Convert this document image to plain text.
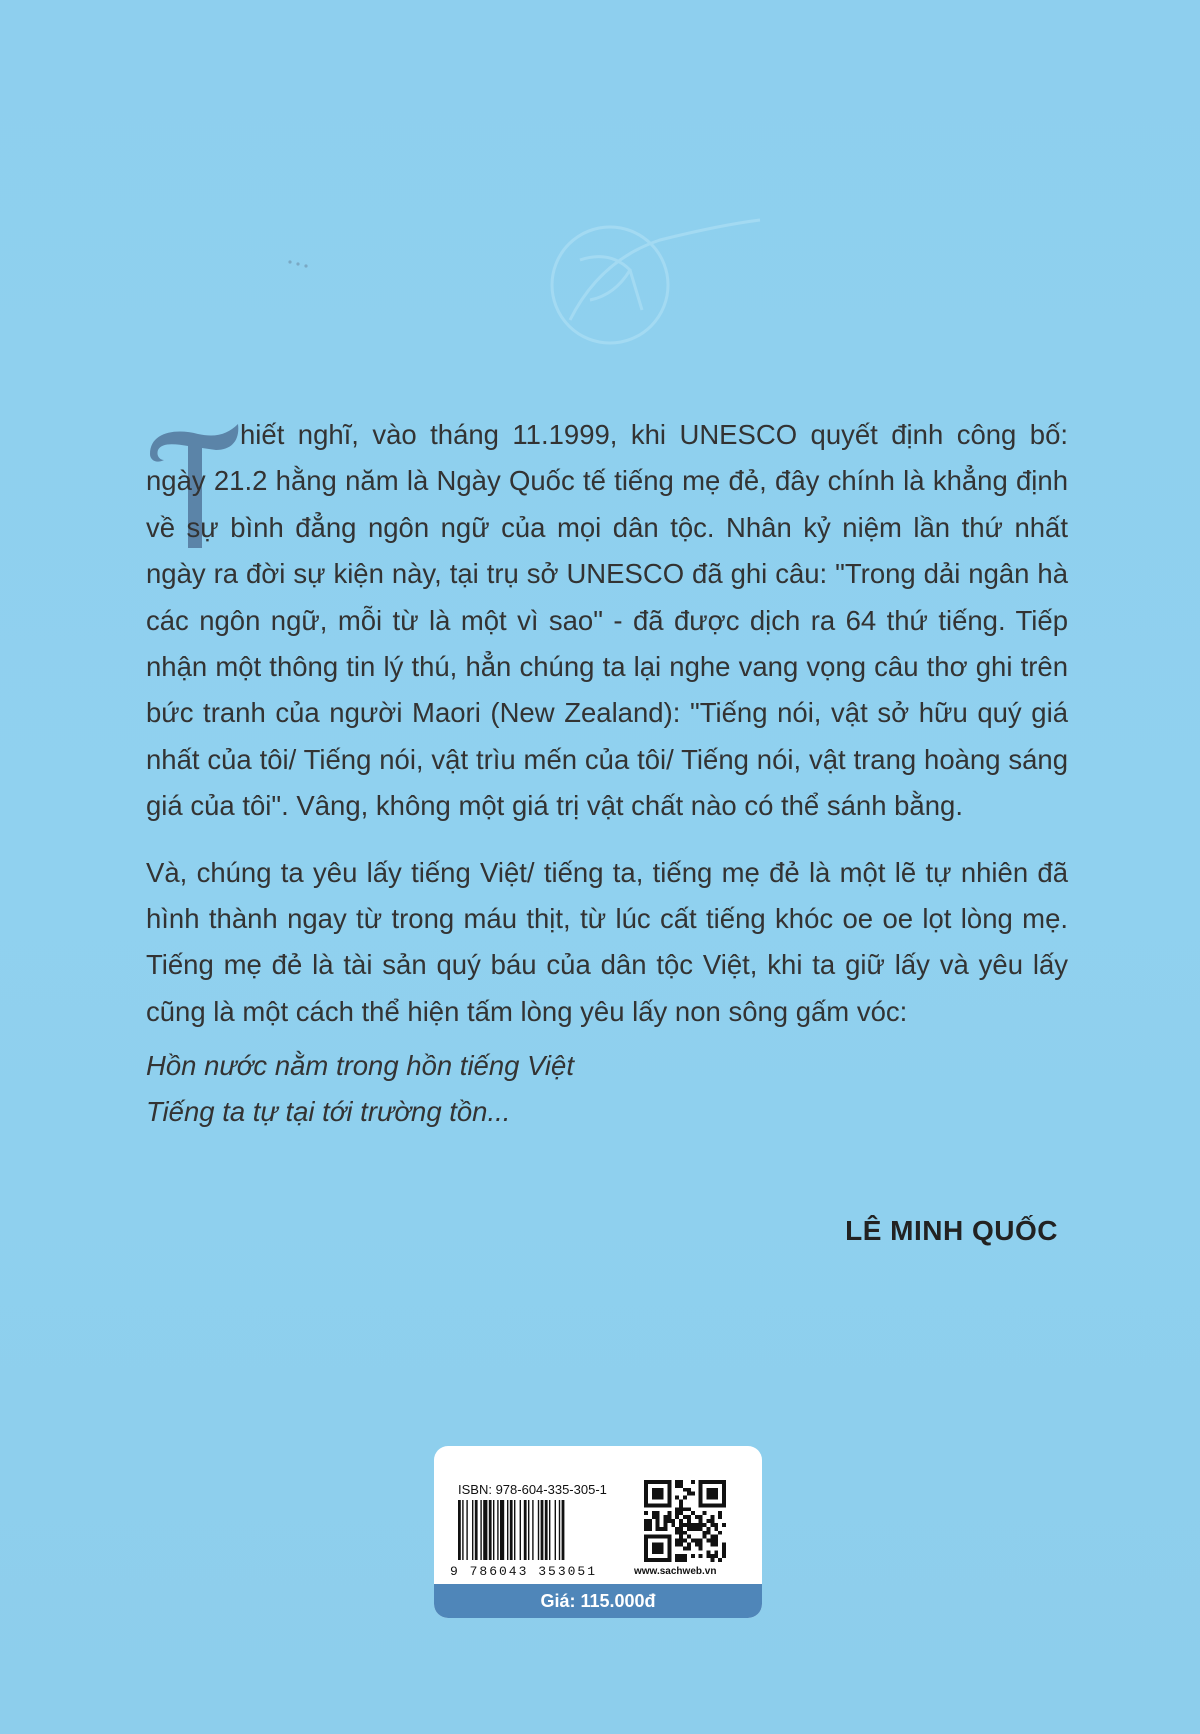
hiết nghĩ, vào tháng 11.1999, khi UNESCO quyết định công bố: ngày 21.2 hằng năm là Ngày Quốc tế tiếng mẹ đẻ, đây chính là khẳng định về sự bình đẳng ngôn ngữ của mọi dân tộc. Nhân kỷ niệm lần thứ nhất ngày ra đời sự kiện này, tại trụ sở UNESCO đã ghi câu: "Trong dải ngân hà các ngôn ngữ, mỗi từ là một vì sao" - đã được dịch ra 64 thứ tiếng. Tiếp nhận một thông tin lý thú, hẳn chúng ta lại nghe vang vọng câu thơ ghi trên bức tranh của người Maori (New Zealand): "Tiếng nói, vật sở hữu quý giá nhất của tôi/ Tiếng nói, vật trìu mến của tôi/ Tiếng nói, vật trang hoàng sáng giá của tôi". Vâng, không một giá trị vật chất nào có thể sánh bằng.

Và, chúng ta yêu lấy tiếng Việt/ tiếng ta, tiếng mẹ đẻ là một lẽ tự nhiên đã hình thành ngay từ trong máu thịt, từ lúc cất tiếng khóc oe oe lọt lòng mẹ. Tiếng mẹ đẻ là tài sản quý báu của dân tộc Việt, khi ta giữ lấy và yêu lấy cũng là một cách thể hiện tấm lòng yêu lấy non sông gấm vóc:

Hồn nước nằm trong hồn tiếng Việt
Tiếng ta tự tại tới trường tồn...
LÊ MINH QUỐC
ISBN: 978-604-335-305-1
9 786043 353051	www.sachweb.vn
Giá: 115.000đ
